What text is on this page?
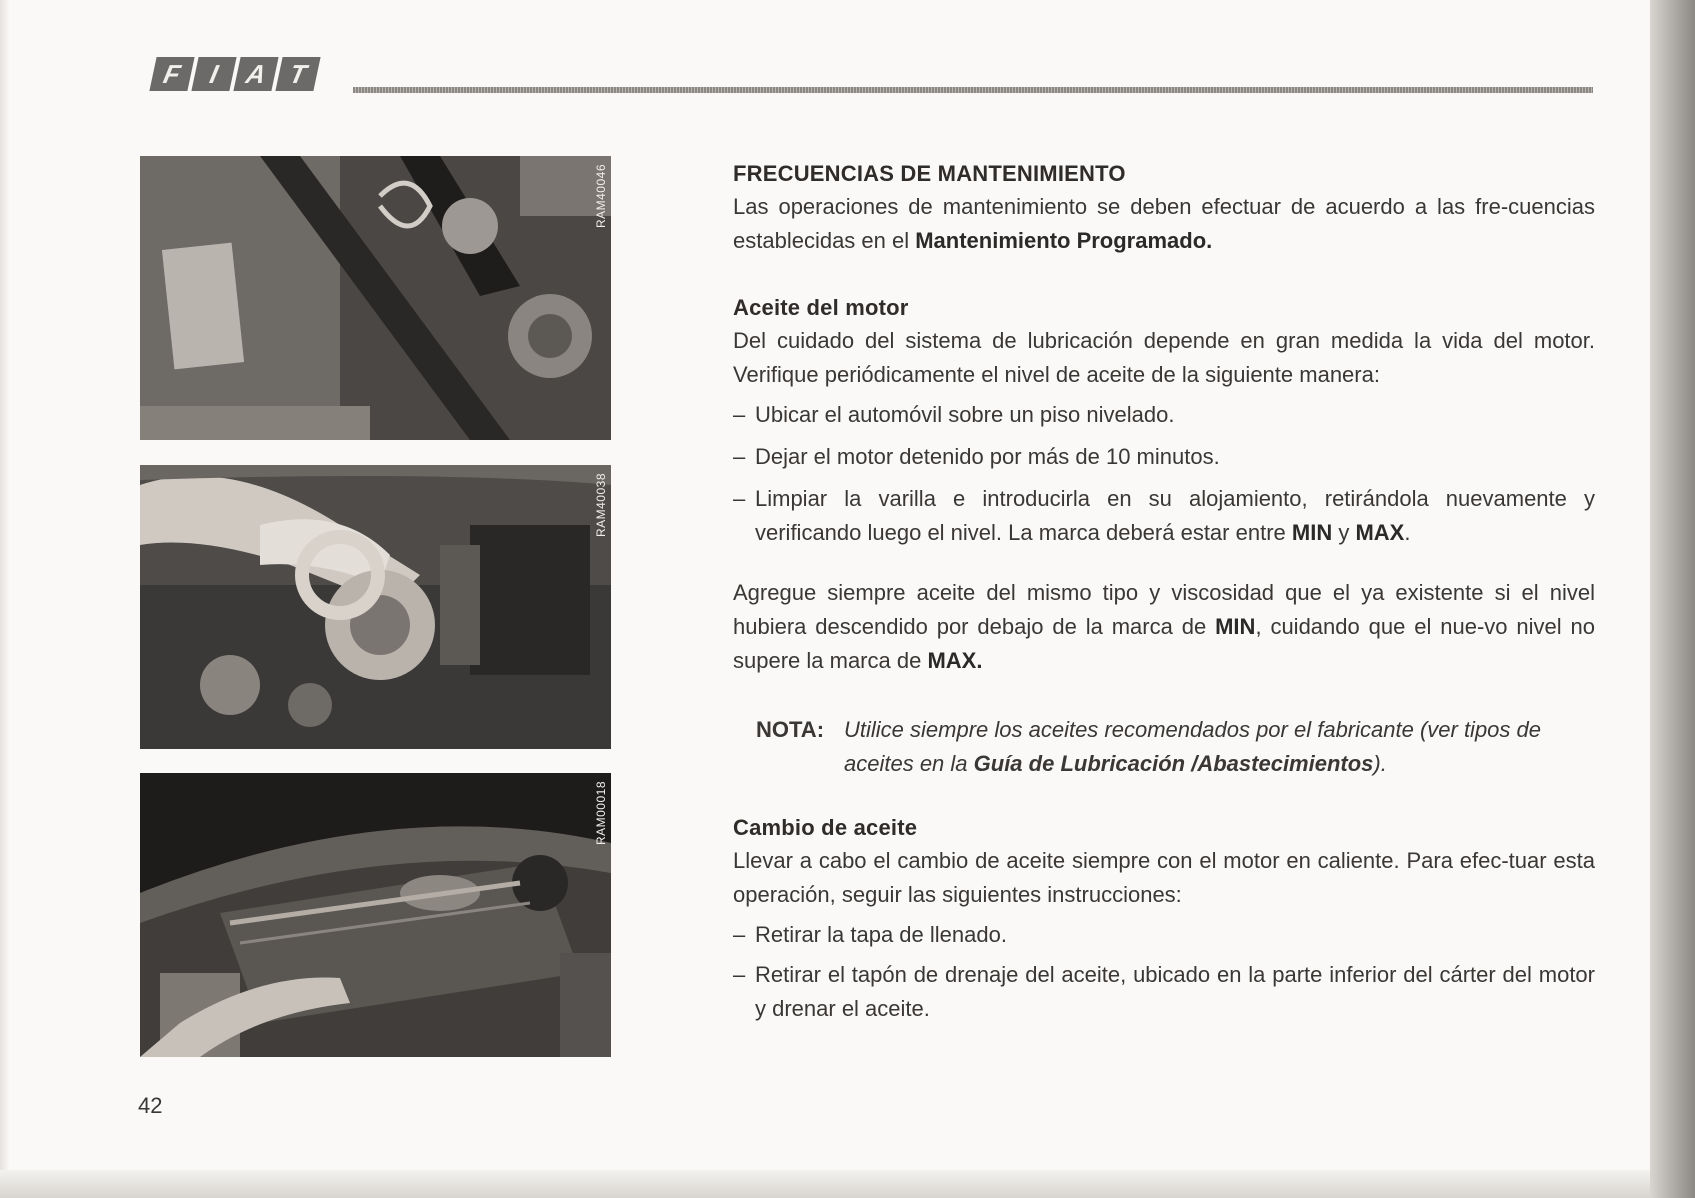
F I A T
RAM40046
RAM40038
RAM00018
FRECUENCIAS DE MANTENIMIENTO

Las operaciones de mantenimiento se deben efectuar de acuerdo a las fre-cuencias establecidas en el Mantenimiento Programado.

Aceite del motor

Del cuidado del sistema de lubricación depende en gran medida la vida del motor. Verifique periódicamente el nivel de aceite de la siguiente manera:

– Ubicar el automóvil sobre un piso nivelado.
– Dejar el motor detenido por más de 10 minutos.
– Limpiar la varilla e introducirla en su alojamiento, retirándola nuevamente y verificando luego el nivel. La marca deberá estar entre MIN y MAX.

Agregue siempre aceite del mismo tipo y viscosidad que el ya existente si el nivel hubiera descendido por debajo de la marca de MIN, cuidando que el nue-vo nivel no supere la marca de MAX.

NOTA: Utilice siempre los aceites recomendados por el fabricante (ver tipos de aceites en la Guía de Lubricación /Abastecimientos).
Cambio de aceite

Llevar a cabo el cambio de aceite siempre con el motor en caliente. Para efec-tuar esta operación, seguir las siguientes instrucciones:

– Retirar la tapa de llenado.
– Retirar el tapón de drenaje del aceite, ubicado en la parte inferior del cárter del motor y drenar el aceite.
42
